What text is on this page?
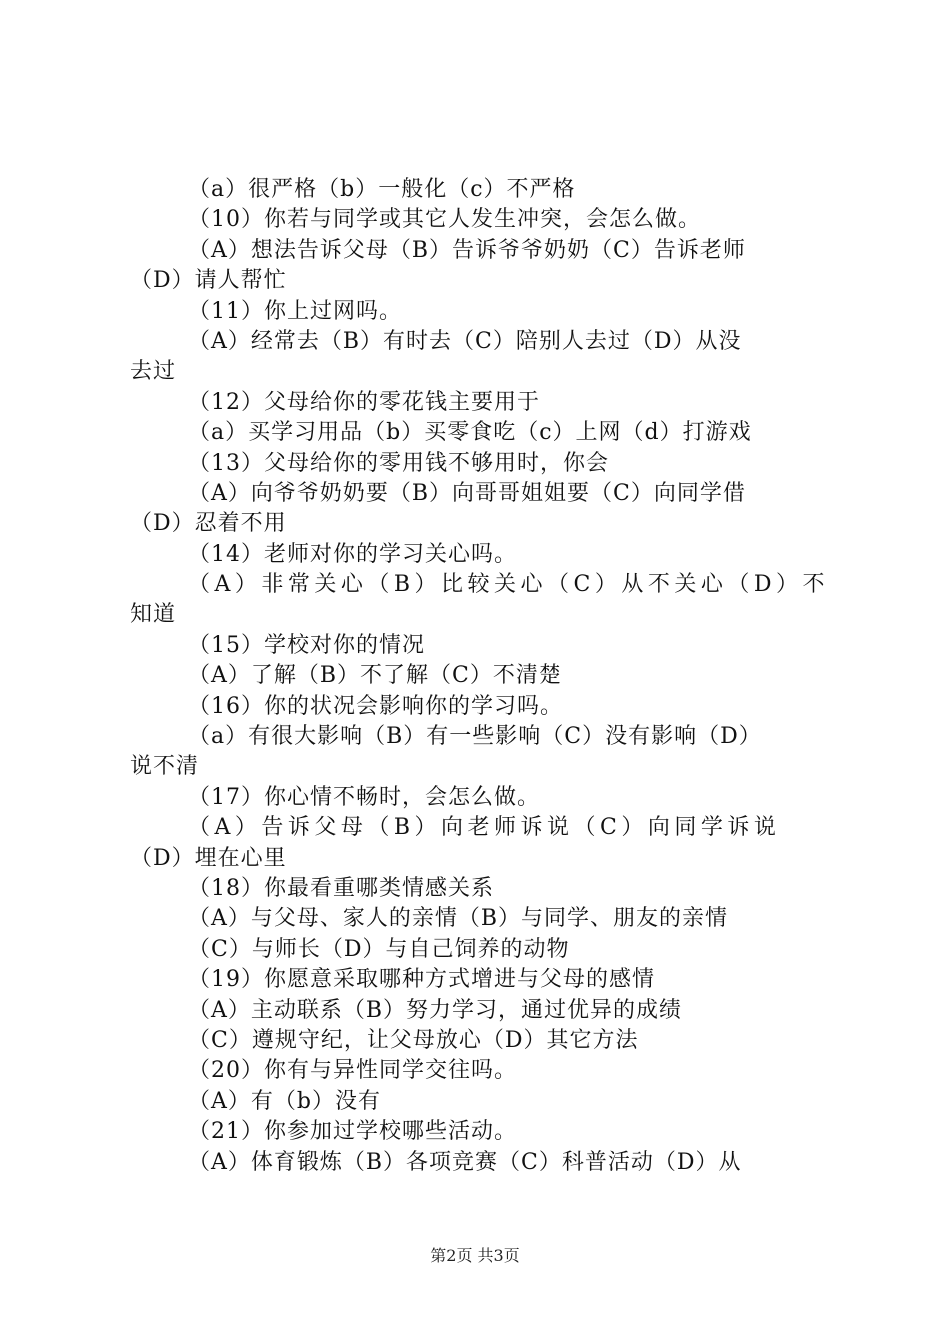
（a）很严格（b）一般化（c）不严格
（10）你若与同学或其它人发生冲突，会怎么做。
（A）想法告诉父母（B）告诉爷爷奶奶（C）告诉老师
（D）请人帮忙
（11）你上过网吗。
（A）经常去（B）有时去（C）陪别人去过（D）从没
去过
（12）父母给你的零花钱主要用于
（a）买学习用品（b）买零食吃（c）上网（d）打游戏
（13）父母给你的零用钱不够用时，你会
（A）向爷爷奶奶要（B）向哥哥姐姐要（C）向同学借
（D）忍着不用
（14）老师对你的学习关心吗。
（A）非常关心（B）比较关心（C）从不关心（D）不
知道
（15）学校对你的情况
（A）了解（B）不了解（C）不清楚
（16）你的状况会影响你的学习吗。
（a）有很大影响（B）有一些影响（C）没有影响（D）
说不清
（17）你心情不畅时，会怎么做。
（A）告诉父母（B）向老师诉说（C）向同学诉说
（D）埋在心里
（18）你最看重哪类情感关系
（A）与父母、家人的亲情（B）与同学、朋友的亲情
（C）与师长（D）与自己饲养的动物
（19）你愿意采取哪种方式增进与父母的感情
（A）主动联系（B）努力学习，通过优异的成绩
（C）遵规守纪，让父母放心（D）其它方法
（20）你有与异性同学交往吗。
（A）有（b）没有
（21）你参加过学校哪些活动。
（A）体育锻炼（B）各项竞赛（C）科普活动（D）从
第2页 共3页
